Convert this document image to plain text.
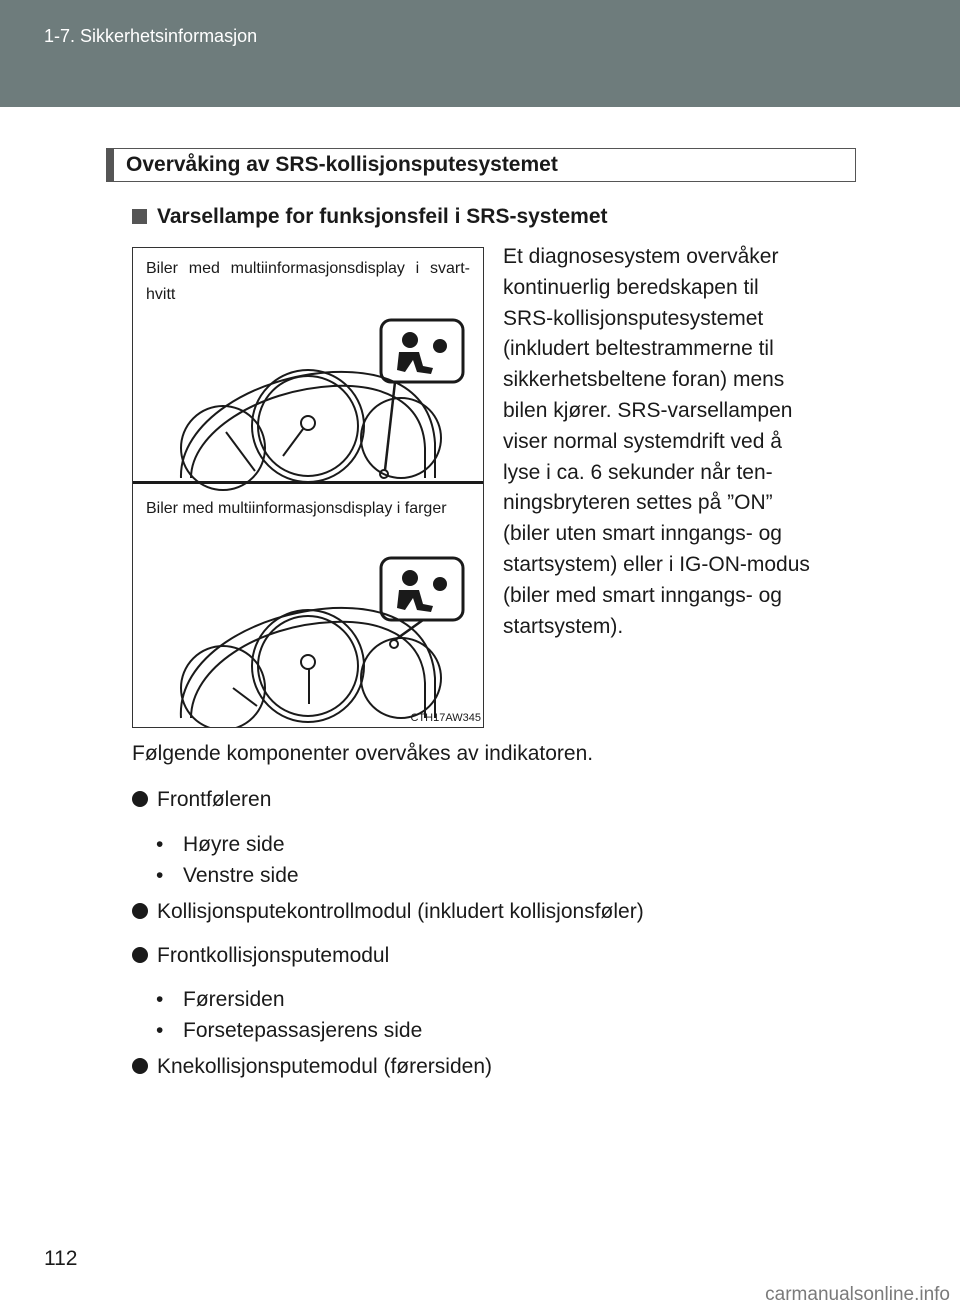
1-7. Sikkerhetsinformasjon
Overvåking av SRS-kollisjonsputesystemet
Varsellampe for funksjonsfeil i SRS-systemet
Biler med multiinformasjonsdisplay i svart-hvitt
Biler med multiinformasjonsdisplay i farger
CTH17AW345
Et diagnosesystem overvåker
kontinuerlig beredskapen til
SRS-kollisjonsputesystemet
(inkludert beltestrammerne til
sikkerhetsbeltene foran) mens
bilen kjører. SRS-varsellampen
viser normal systemdrift ved å
lyse i ca. 6 sekunder når ten-
ningsbryteren settes på ”ON”
(biler uten smart inngangs- og
startsystem) eller i IG-ON-modus
(biler med smart inngangs- og
startsystem).
Følgende komponenter overvåkes av indikatoren.
Frontføleren
• Høyre side
• Venstre side
Kollisjonsputekontrollmodul (inkludert kollisjonsføler)
Frontkollisjonsputemodul
• Førersiden
• Forsetepassasjerens side
Knekollisjonsputemodul (førersiden)
112
carmanualsonline.info
